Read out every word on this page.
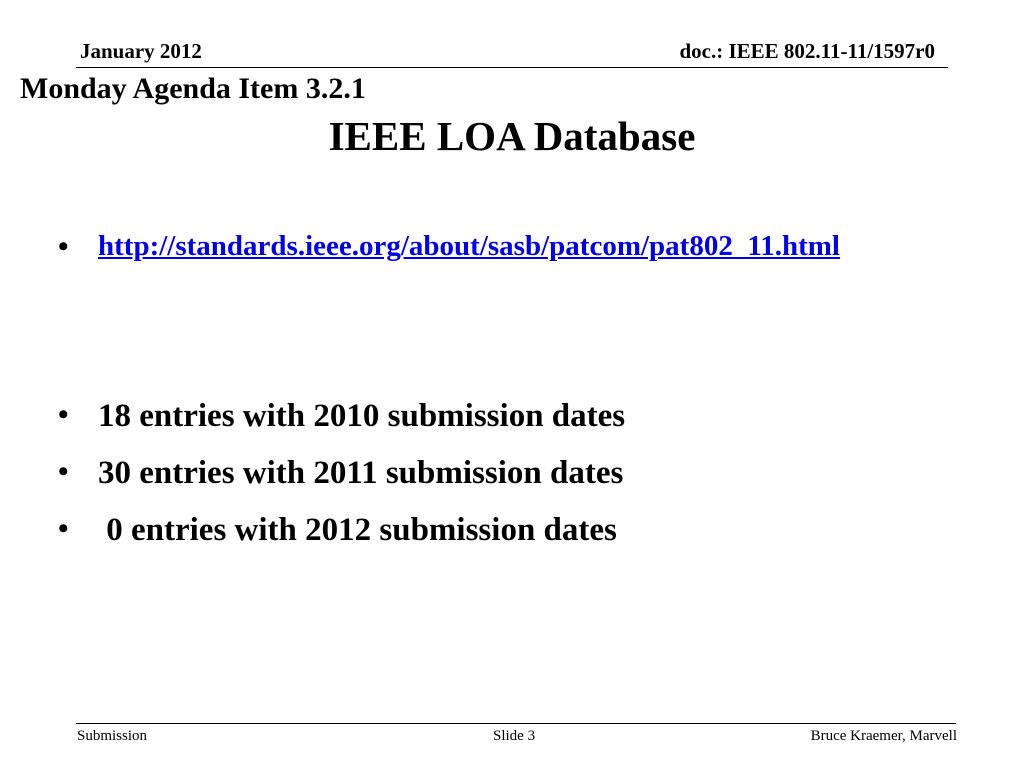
January 2012	doc.: IEEE 802.11-11/1597r0
Monday Agenda Item 3.2.1
IEEE LOA Database

•

http://standards.ieee.org/about/sasb/patcom/pat802_11.html

•

18 entries with 2010 submission dates

•

30 entries with 2011 submission dates

•

0 entries with 2012 submission dates

Submission	Slide 3	Bruce Kraemer, Marvell
